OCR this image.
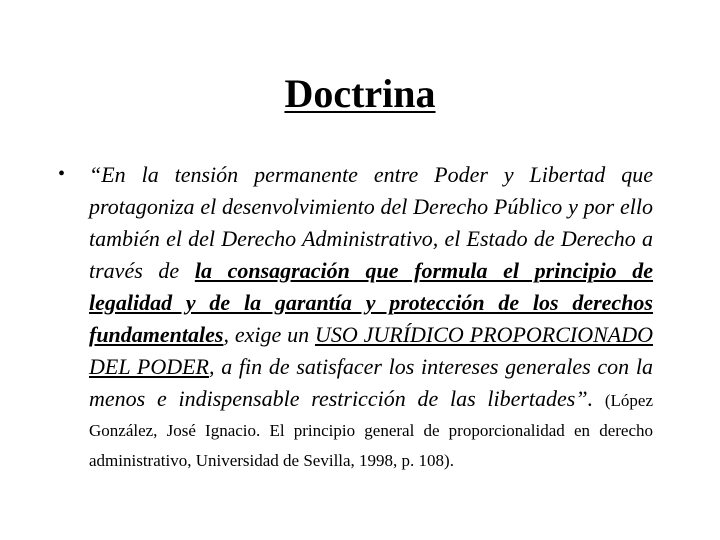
Doctrina
• “En la tensión permanente entre Poder y Libertad que protagoniza el desenvolvimiento del Derecho Público y por ello también el del Derecho Administrativo, el Estado de Derecho a través de la consagración que formula el principio de legalidad y de la garantía y protección de los derechos fundamentales, exige un USO JURÍDICO PROPORCIONADO DEL PODER, a fin de satisfacer los intereses generales con la menos e indispensable restricción de las libertades”. (López González, José Ignacio. El principio general de proporcionalidad en derecho administrativo, Universidad de Sevilla, 1998, p. 108).
